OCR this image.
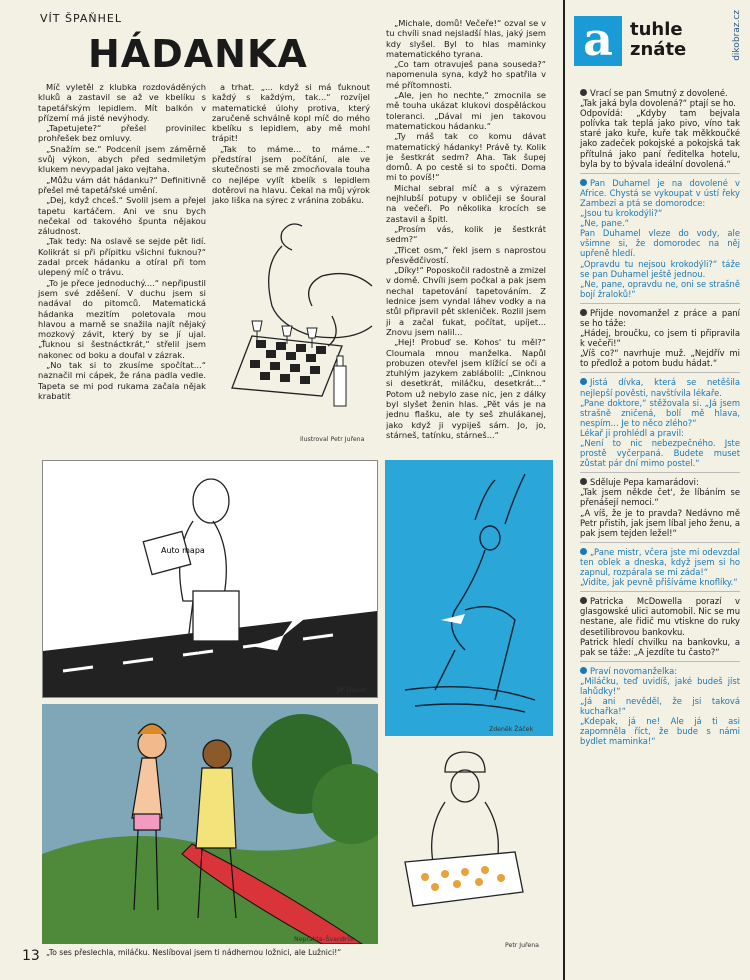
VÍT ŠPAŇHEL
HÁDANKA

Míč vyletěl z klubka rozdováděných kluků a zastavil se až ve kbelíku s tapetářským lepidlem. Mít balkón v přízemí má jisté nevýhody.

„Tapetujete?“ přešel provinilec prohřešek bez omluvy.

„Snažím se.“ Podceníl jsem záměrně svůj výkon, abych před sedmiletým klukem nevypadal jako vejtaha.

„Můžu vám dát hádanku?“ Definitivně přešel mé tapetářské umění.

„Dej, když chceš.“ Svolil jsem a přejel tapetu kartáčem. Ani ve snu bych nečekal od takového špunta nějakou záludnost.

„Tak tedy: Na oslavě se sejde pět lidí. Kolikrát si při přípitku všichni ťuknou?“ zadal prcek hádanku a otíral při tom ulepený míč o trávu.

„To je přece jednoduchý....“ nepřipustil jsem své zděšení. V duchu jsem si nadával do pitomců. Matematická hádanka mezitím poletovala mou hlavou a marně se snažila najít nějaký mozkový závit, který by se jí ujal. „Ťuknou si šestnáctkrát,“ střelil jsem nakonec od boku a doufal v zázrak.

„No tak si to zkusíme spočítat...“ naznačil mi cápek, že rána padla vedle. Tapeta se mi pod rukama začala nějak krabatit

a trhat. „... když si má ťuknout každý s každým, tak...“ rozvíjel matematické úlohy protiva, který zaručeně schválně kopl míč do mého kbelíku s lepidlem, aby mě mohl trápit!

„Tak to máme... to máme...“ předstíral jsem počítání, ale ve skutečnosti se mě zmocňovala touha co nejlépe vylít kbelík s lepidlem dotěrovi na hlavu. Čekal na můj výrok jako liška na sýrec z vránina zobáku.

Ilustroval Petr Juřena

„Michale, domů! Večeře!“ ozval se v tu chvíli snad nejsladší hlas, jaký jsem kdy slyšel. Byl to hlas maminky matematického tyrana.

„Co tam otravuješ pana souseda?“ napomenula syna, když ho spatřila v mé přítomnosti.

„Ale, jen ho nechte,“ zmocnila se mě touha ukázat klukovi dospěláckou toleranci. „Dával mi jen takovou matematickou hádanku.“

„Ty máš tak co komu dávat matematický hádanky! Právě ty. Kolik je šestkrát sedm? Aha. Tak šupej domů. A po cestě si to spočti. Doma mi to povíš!“

Michal sebral míč a s výrazem nejhlubší potupy v obličeji se šoural na večeři. Po několika krocích se zastavil a špitl.

„Prosím vás, kolik je šestkrát sedm?“

„Třicet osm,“ řekl jsem s naprostou přesvědčivostí.

„Díky!“ Poposkočil radostně a zmizel v domě. Chvíli jsem počkal a pak jsem nechal tapetování tapetováním. Z lednice jsem vyndal láhev vodky a na stůl připravil pět skleniček. Rozlil jsem ji a začal ťukat, počítat, upíjet... Znovu jsem nalil...

„Hej! Probuď se. Kohos' tu měl?“ Cloumala mnou manželka. Napůl probuzen otevřel jsem klížící se oči a ztuhlým jazykem zablábolil: „Cinknou si desetkrát, miláčku, desetkrát...“ Potom už nebylo zase nic, jen z dálky byl slyšet ženin hlas. „Pět vás je na jednu flašku, ale ty seš zhulákanej, jako když ji vypiješ sám. Jo, jo, stárneš, tatínku, stárneš...“

a tuhle
znáte	dikobraz.cz

Vrací se pan Smutný z dovolené.

„Tak jaká byla dovolená?“ ptají se ho.

Odpovídá: „Kdyby tam bejvala polívka tak teplá jako pivo, víno tak staré jako kuře, kuře tak měkkoučké jako zadeček pokojské a pokojská tak přítulná jako paní ředitelka hotelu, byla by to bývala ideální dovolená.“

Pan Duhamel je na dovolené v Africe. Chystá se vykoupat v ústí řeky Zambezi a ptá se domorodce:

„Jsou tu krokodýli?“

„Ne, pane.“

Pan Duhamel vleze do vody, ale všimne si, že domorodec na něj upřeně hledí.

„Opravdu tu nejsou krokodýli?“ táže se pan Duhamel ještě jednou.

„Ne, pane, opravdu ne, oni se strašně bojí žraloků!“

Přijde novomanžel z práce a paní se ho táže:

„Hádej, broučku, co jsem ti připravila k večeři!“

„Víš co?“ navrhuje muž. „Nejdřív mi to předlož a potom budu hádat.“

Jistá dívka, která se netěšila nejlepší pověsti, navštívila lékaře.

„Pane doktore,“ stěžovala si. „Já jsem strašně zničená, bolí mě hlava, nespím... Je to něco zlého?“

Lékař ji prohlédl a pravil:

„Není to nic nebezpečného. Jste prostě vyčerpaná. Budete muset zůstat pár dní mimo postel.“

Sděluje Pepa kamarádovi:

„Tak jsem někde čet', že líbáním se přenášejí nemoci.“

„A víš, že je to pravda? Nedávno mě Petr přistih, jak jsem líbal jeho ženu, a pak jsem tejden ležel!“

„Pane mistr, včera jste mi odevzdal ten oblek a dneska, když jsem si ho zapnul, rozpárala se mi záda!“

„Vidíte, jak pevně přišíváme knoflíky.“

Patricka McDowella porazí v glasgowské ulici automobil. Nic se mu nestane, ale řidič mu vtiskne do ruky desetilibrovou bankovku.

Patrick hledí chvilku na bankovku, a pak se táže: „A jezdíte tu často?“

Praví novomanželka:

„Miláčku, teď uvidíš, jaké budeš jíst lahůdky!“

„Já ani nevěděl, že jsi taková kuchařka!“

„Kdepak, já ne! Ale já ti asi zapomněla říct, že bude s námi bydlet maminka!“

Auto mapa
Jiří Daniel
Zdeněk Žáček
Neprakta–Švandrlík
Petr Juřena
13 „To ses přeslechla, miláčku. Neslíboval jsem ti nádhernou ložnici, ale Lužnici!“
